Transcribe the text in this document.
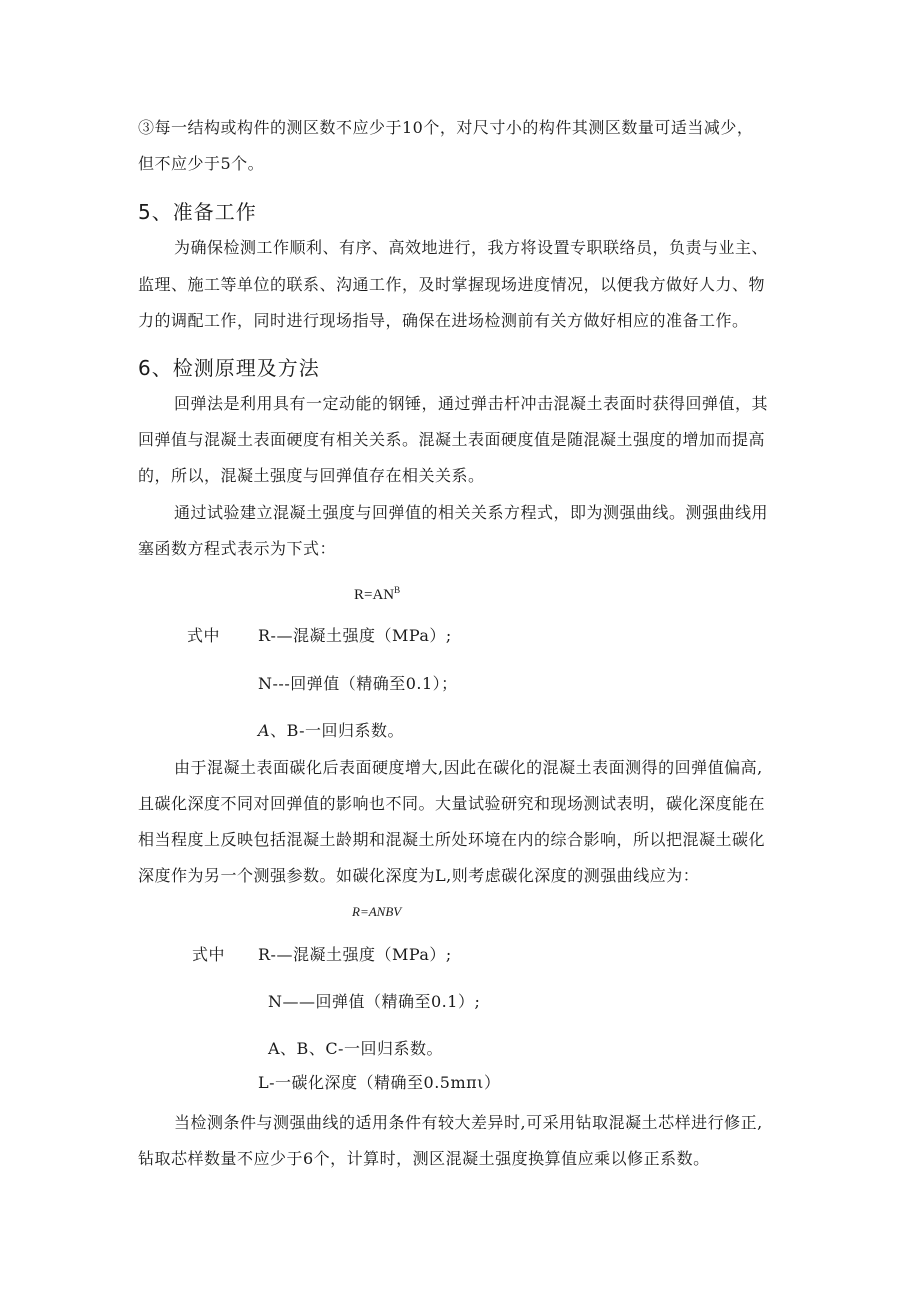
③每一结构或构件的测区数不应少于10个，对尺寸小的构件其测区数量可适当减少，
但不应少于5个。
5、准备工作
为确保检测工作顺利、有序、高效地进行，我方将设置专职联络员，负责与业主、
监理、施工等单位的联系、沟通工作，及时掌握现场进度情况，以便我方做好人力、物
力的调配工作，同时进行现场指导，确保在进场检测前有关方做好相应的准备工作。
6、检测原理及方法
回弹法是利用具有一定动能的钢锤，通过弹击杆冲击混凝土表面时获得回弹值，其
回弹值与混凝土表面硬度有相关关系。混凝土表面硬度值是随混凝土强度的增加而提高
的，所以，混凝土强度与回弹值存在相关关系。
通过试验建立混凝土强度与回弹值的相关关系方程式，即为测强曲线。测强曲线用
塞函数方程式表示为下式：
$R=AN^B$
式中 R-—混凝土强度（MPa）;
N---回弹值（精确至0.1）；
A、B-一回归系数。
由于混凝土表面碳化后表面硬度增大,因此在碳化的混凝土表面测得的回弹值偏高,
且碳化深度不同对回弹值的影响也不同。大量试验研究和现场测试表明，碳化深度能在
相当程度上反映包括混凝土龄期和混凝土所处环境在内的综合影响，所以把混凝土碳化
深度作为另一个测强参数。如碳化深度为L,则考虑碳化深度的测强曲线应为：
R=ANBV
式中 R-—混凝土强度（MPa）;
N——回弹值（精确至0.1）;
A、B、C-一回归系数。
L-一碳化深度（精确至0.5mπι）
当检测条件与测强曲线的适用条件有较大差异时,可采用钻取混凝土芯样进行修正,
钻取芯样数量不应少于6个，计算时，测区混凝土强度换算值应乘以修正系数。
